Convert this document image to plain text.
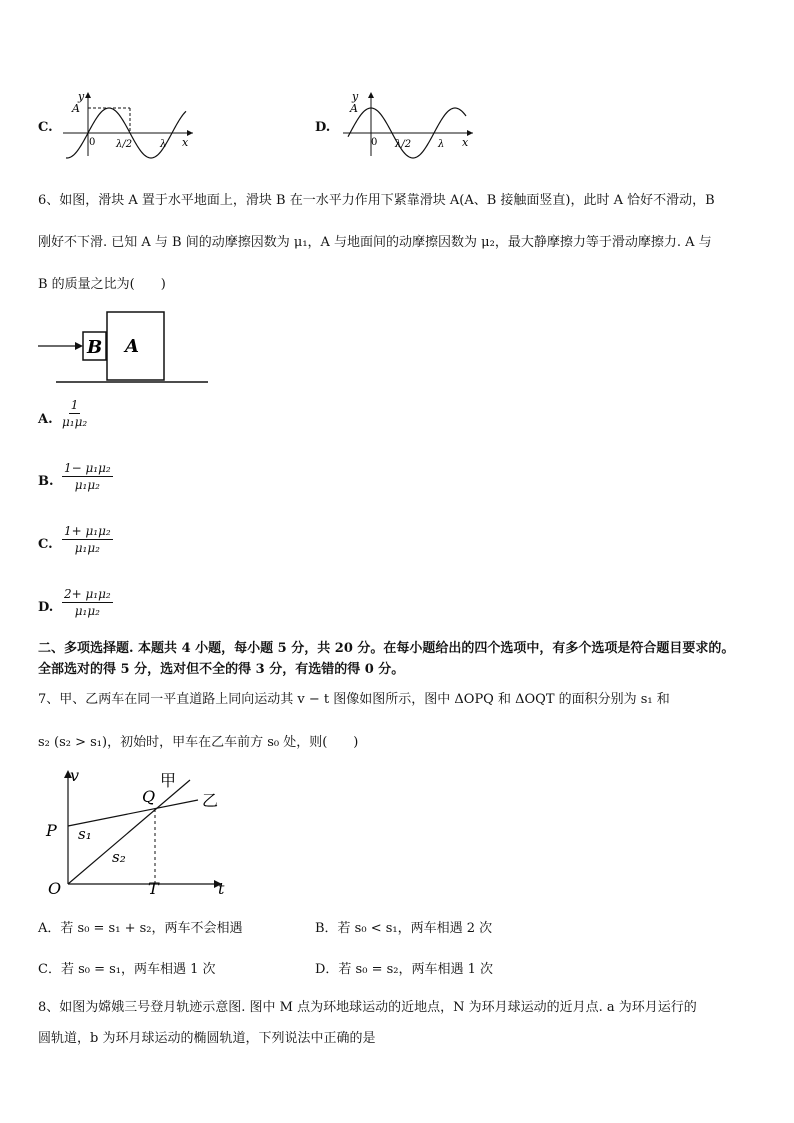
C.
y
A
0 λ/2	λ x
D.
y
A
0 λ/2	λ x
6、如图，滑块 A 置于水平地面上，滑块 B 在一水平力作用下紧靠滑块 A(A、B 接触面竖直)，此时 A 恰好不滑动，B
刚好不下滑. 已知 A 与 B 间的动摩擦因数为 μ₁，A 与地面间的动摩擦因数为 μ₂，最大静摩擦力等于滑动摩擦力. A 与
B 的质量之比为(　　)
B A
A. $\frac{1}{\text{μ₁μ₂}}$
B. $\frac{\text{1− μ₁μ₂}}{\text{μ₁μ₂}}$
C. $\frac{\text{1+ μ₁μ₂}}{\text{μ₁μ₂}}$
D. $\frac{\text{2+ μ₁μ₂}}{\text{μ₁μ₂}}$
二、多项选择题. 本题共 4 小题，每小题 5 分，共 20 分。在每小题给出的四个选项中，有多个选项是符合题目要求的。
全部选对的得 5 分，选对但不全的得 3 分，有选错的得 0 分。
7、甲、乙两车在同一平直道路上同向运动其 v − t 图像如图所示，图中 ΔOPQ 和 ΔOQT 的面积分别为 s₁ 和
s₂ (s₂ > s₁)，初始时，甲车在乙车前方 s₀ 处，则(　　)
v
t
P
O
Q
T
甲
乙
s₁
s₂
A．若 s₀ = s₁ + s₂，两车不会相遇	B．若 s₀ < s₁，两车相遇 2 次
C．若 s₀ = s₁，两车相遇 1 次	D．若 s₀ = s₂，两车相遇 1 次
8、如图为嫦娥三号登月轨迹示意图. 图中 M 点为环地球运动的近地点，N 为环月球运动的近月点. a 为环月运行的
圆轨道，b 为环月球运动的椭圆轨道，下列说法中正确的是
